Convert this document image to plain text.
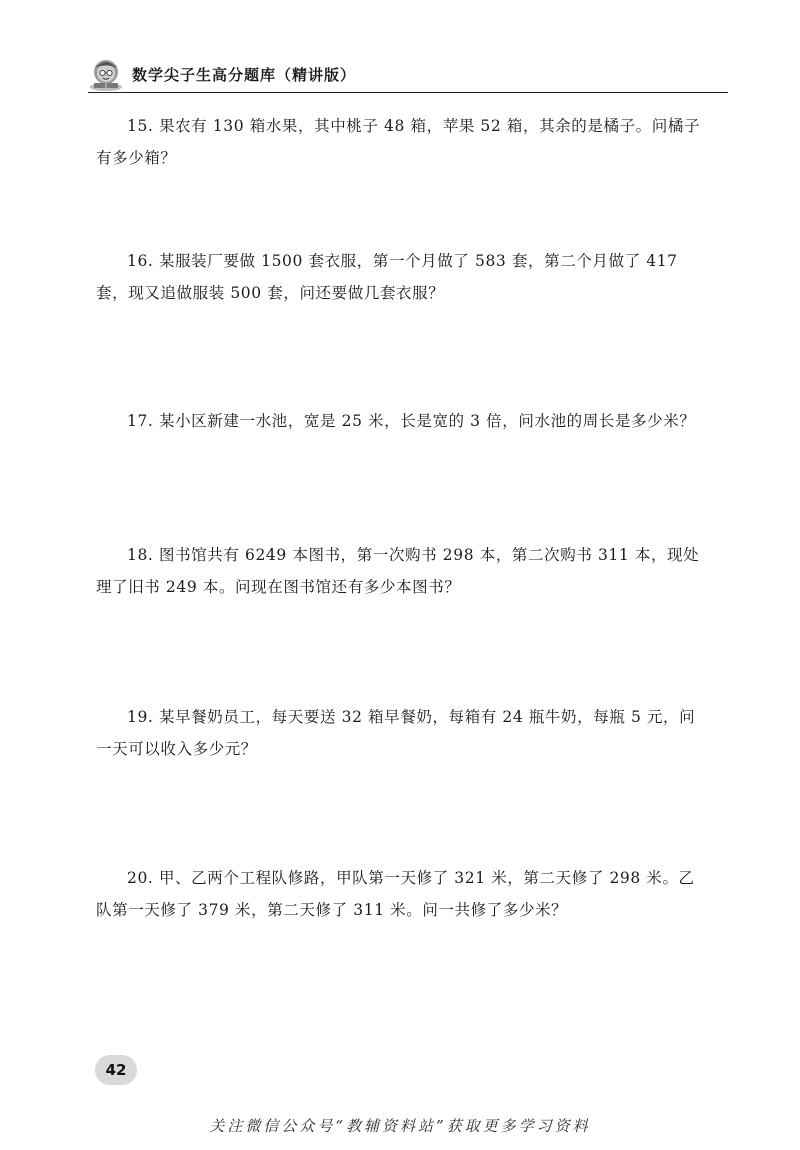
数学尖子生高分题库（精讲版）

15. 果农有 130 箱水果，其中桃子 48 箱，苹果 52 箱，其余的是橘子。问橘子有多少箱？

16. 某服装厂要做 1500 套衣服，第一个月做了 583 套，第二个月做了 417 套，现又追做服装 500 套，问还要做几套衣服？

17. 某小区新建一水池，宽是 25 米，长是宽的 3 倍，问水池的周长是多少米？

18. 图书馆共有 6249 本图书，第一次购书 298 本，第二次购书 311 本，现处理了旧书 249 本。问现在图书馆还有多少本图书？

19. 某早餐奶员工，每天要送 32 箱早餐奶，每箱有 24 瓶牛奶，每瓶 5 元，问一天可以收入多少元？

20. 甲、乙两个工程队修路，甲队第一天修了 321 米，第二天修了 298 米。乙队第一天修了 379 米，第二天修了 311 米。问一共修了多少米？

42
关注微信公众号“教辅资料站”获取更多学习资料
